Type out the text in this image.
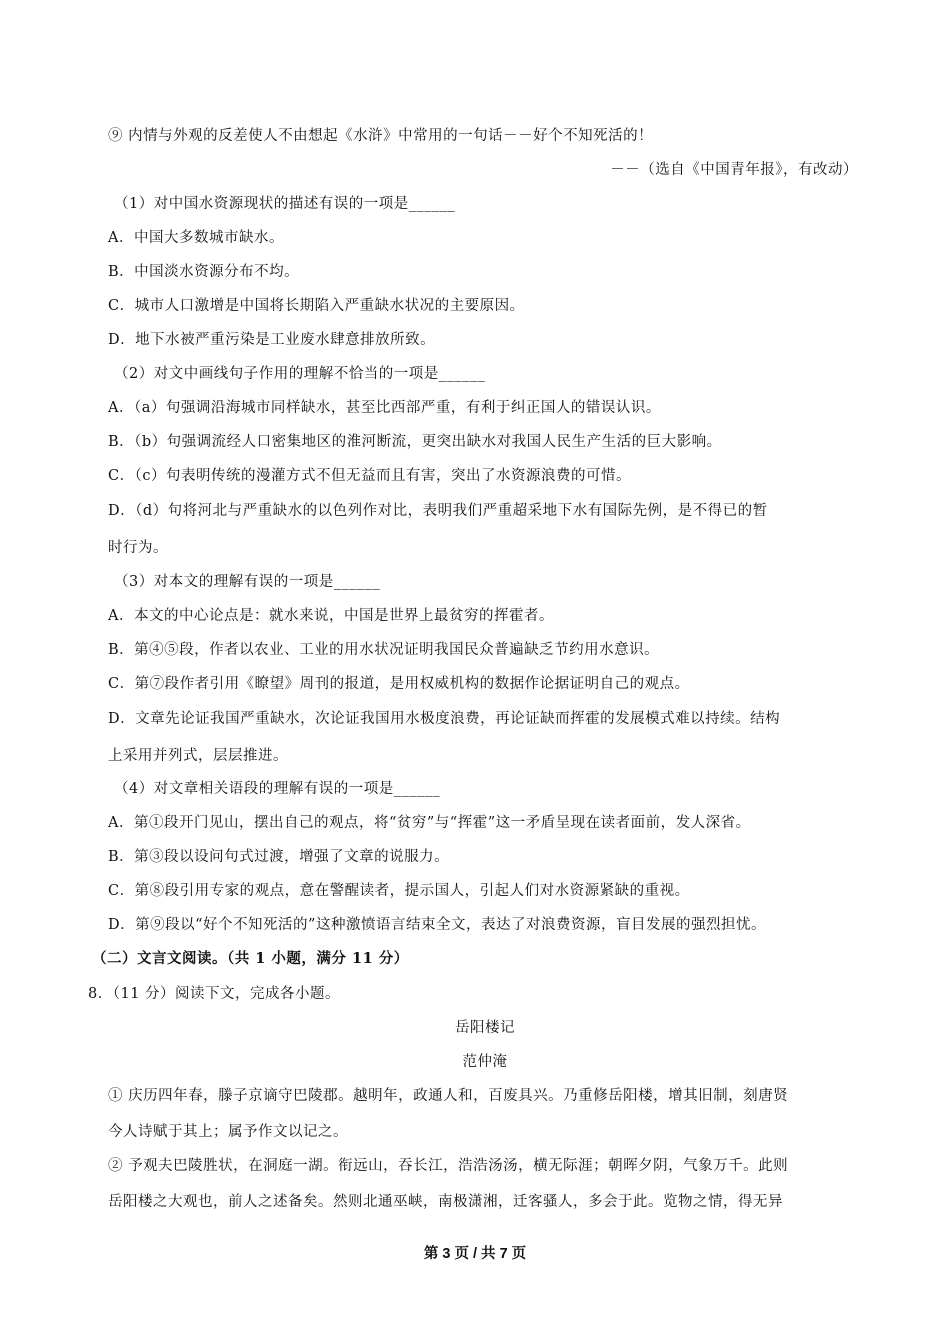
⑨ 内情与外观的反差使人不由想起《水浒》中常用的一句话－－好个不知死活的！
－－（选自《中国青年报》，有改动）
（1）对中国水资源现状的描述有误的一项是______
A．中国大多数城市缺水。
B．中国淡水资源分布不均。
C．城市人口激增是中国将长期陷入严重缺水状况的主要原因。
D．地下水被严重污染是工业废水肆意排放所致。
（2）对文中画线句子作用的理解不恰当的一项是______
A．（a）句强调沿海城市同样缺水，甚至比西部严重，有利于纠正国人的错误认识。
B．（b）句强调流经人口密集地区的淮河断流，更突出缺水对我国人民生产生活的巨大影响。
C．（c）句表明传统的漫灌方式不但无益而且有害，突出了水资源浪费的可惜。
D．（d）句将河北与严重缺水的以色列作对比，表明我们严重超采地下水有国际先例，是不得已的暂
时行为。
（3）对本文的理解有误的一项是______
A．本文的中心论点是：就水来说，中国是世界上最贫穷的挥霍者。
B．第④⑤段，作者以农业、工业的用水状况证明我国民众普遍缺乏节约用水意识。
C．第⑦段作者引用《瞭望》周刊的报道，是用权威机构的数据作论据证明自己的观点。
D．文章先论证我国严重缺水，次论证我国用水极度浪费，再论证缺而挥霍的发展模式难以持续。结构
上采用并列式，层层推进。
（4）对文章相关语段的理解有误的一项是______
A．第①段开门见山，摆出自己的观点，将“贫穷”与“挥霍”这一矛盾呈现在读者面前，发人深省。
B．第③段以设问句式过渡，增强了文章的说服力。
C．第⑧段引用专家的观点，意在警醒读者，提示国人，引起人们对水资源紧缺的重视。
D．第⑨段以“好个不知死活的”这种激愤语言结束全文，表达了对浪费资源，盲目发展的强烈担忧。
（二）文言文阅读。（共 1 小题，满分 11 分）
8．（11 分）阅读下文，完成各小题。
岳阳楼记
范仲淹
① 庆历四年春，滕子京谪守巴陵郡。越明年，政通人和，百废具兴。乃重修岳阳楼，增其旧制，刻唐贤
今人诗赋于其上；属予作文以记之。
② 予观夫巴陵胜状，在洞庭一湖。衔远山，吞长江，浩浩汤汤，横无际涯；朝晖夕阴，气象万千。此则
岳阳楼之大观也，前人之述备矣。然则北通巫峡，南极潇湘，迁客骚人，多会于此。览物之情，得无异
第 3 页 / 共 7 页
